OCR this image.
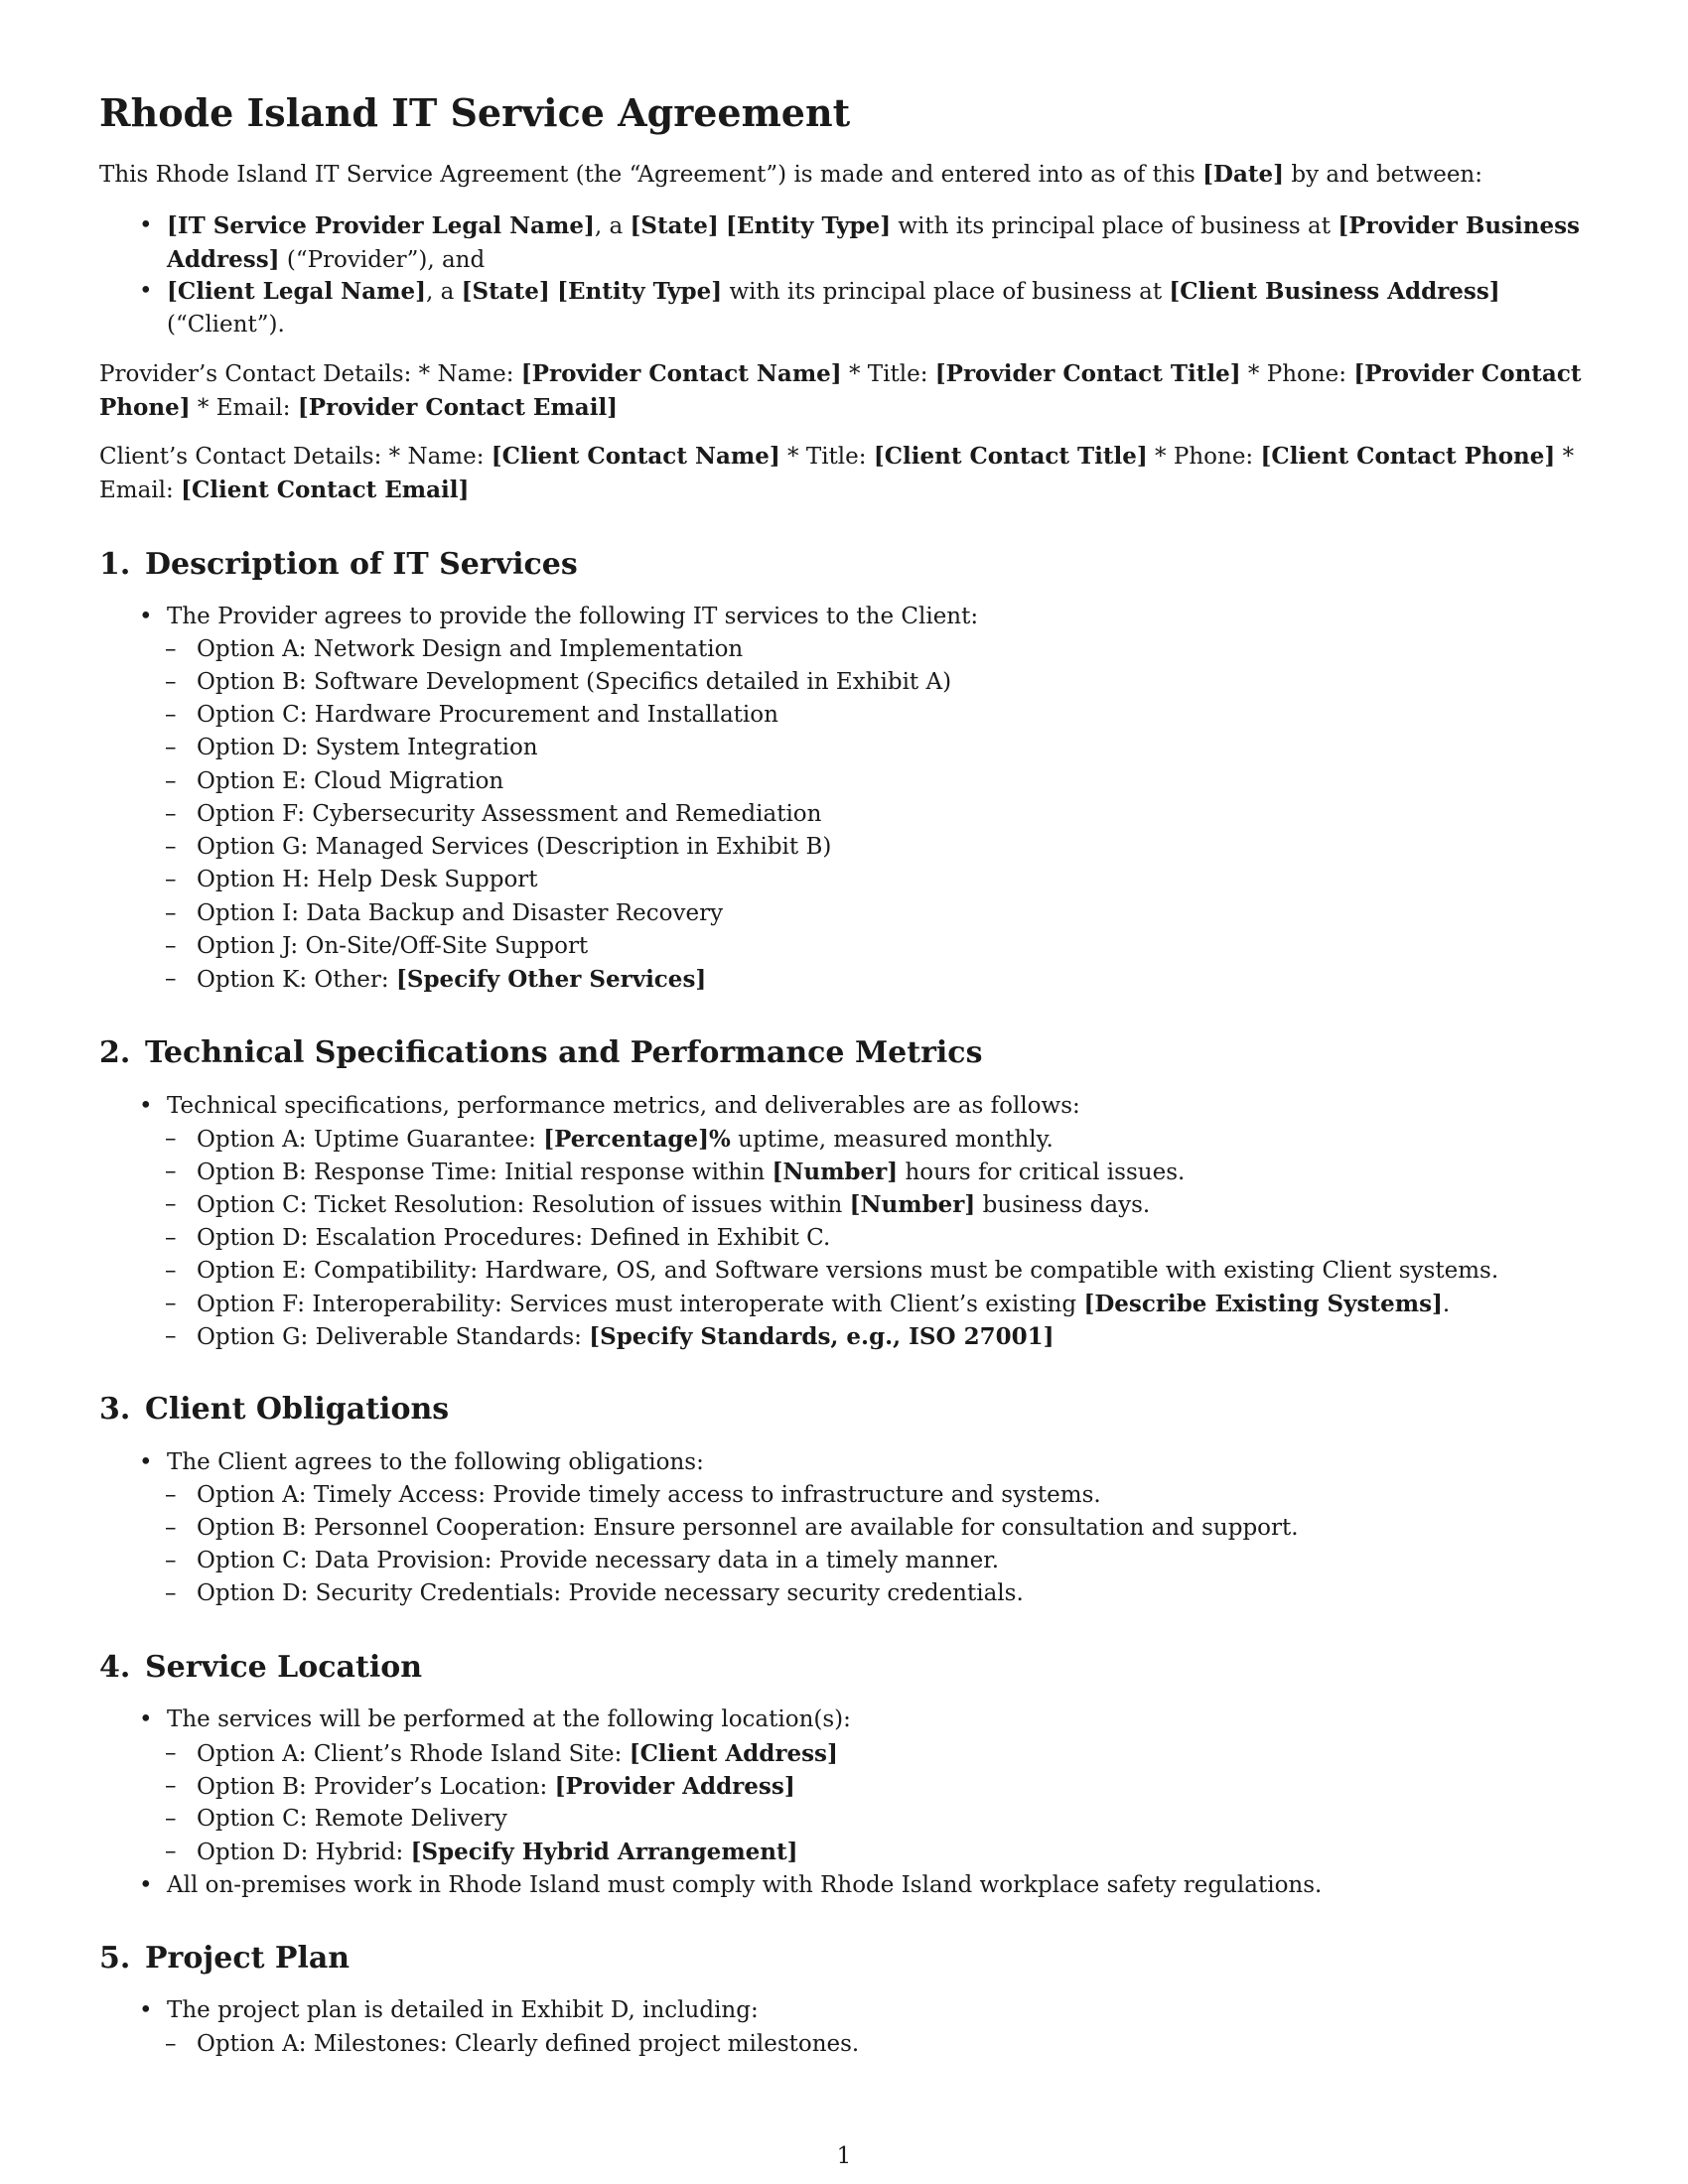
Rhode Island IT Service Agreement

This Rhode Island IT Service Agreement (the “Agreement”) is made and entered into as of this [Date] by and between:

• [IT Service Provider Legal Name], a [State] [Entity Type] with its principal place of business at [Provider Business Address] (“Provider”), and

• [Client Legal Name], a [State] [Entity Type] with its principal place of business at [Client Business Address] (“Client”).

Provider’s Contact Details: * Name: [Provider Contact Name] * Title: [Provider Contact Title] * Phone: [Provider Contact Phone] * Email: [Provider Contact Email]

Client’s Contact Details: * Name: [Client Contact Name] * Title: [Client Contact Title] * Phone: [Client Contact Phone] * Email: [Client Contact Email]

1. Description of IT Services

• The Provider agrees to provide the following IT services to the Client:

– Option A: Network Design and Implementation

– Option B: Software Development (Specifics detailed in Exhibit A)

– Option C: Hardware Procurement and Installation

– Option D: System Integration

– Option E: Cloud Migration

– Option F: Cybersecurity Assessment and Remediation

– Option G: Managed Services (Description in Exhibit B)

– Option H: Help Desk Support

– Option I: Data Backup and Disaster Recovery

– Option J: On-Site/Off-Site Support

– Option K: Other: [Specify Other Services]

2. Technical Specifications and Performance Metrics

• Technical specifications, performance metrics, and deliverables are as follows:

– Option A: Uptime Guarantee: [Percentage]% uptime, measured monthly.

– Option B: Response Time: Initial response within [Number] hours for critical issues.

– Option C: Ticket Resolution: Resolution of issues within [Number] business days.

– Option D: Escalation Procedures: Defined in Exhibit C.

– Option E: Compatibility: Hardware, OS, and Software versions must be compatible with existing Client systems.

– Option F: Interoperability: Services must interoperate with Client’s existing [Describe Existing Systems].

– Option G: Deliverable Standards: [Specify Standards, e.g., ISO 27001]

3. Client Obligations

• The Client agrees to the following obligations:

– Option A: Timely Access: Provide timely access to infrastructure and systems.

– Option B: Personnel Cooperation: Ensure personnel are available for consultation and support.

– Option C: Data Provision: Provide necessary data in a timely manner.

– Option D: Security Credentials: Provide necessary security credentials.

4. Service Location

• The services will be performed at the following location(s):

– Option A: Client’s Rhode Island Site: [Client Address]

– Option B: Provider’s Location: [Provider Address]

– Option C: Remote Delivery

– Option D: Hybrid: [Specify Hybrid Arrangement]

• All on-premises work in Rhode Island must comply with Rhode Island workplace safety regulations.

5. Project Plan

• The project plan is detailed in Exhibit D, including:

– Option A: Milestones: Clearly defined project milestones.

1
